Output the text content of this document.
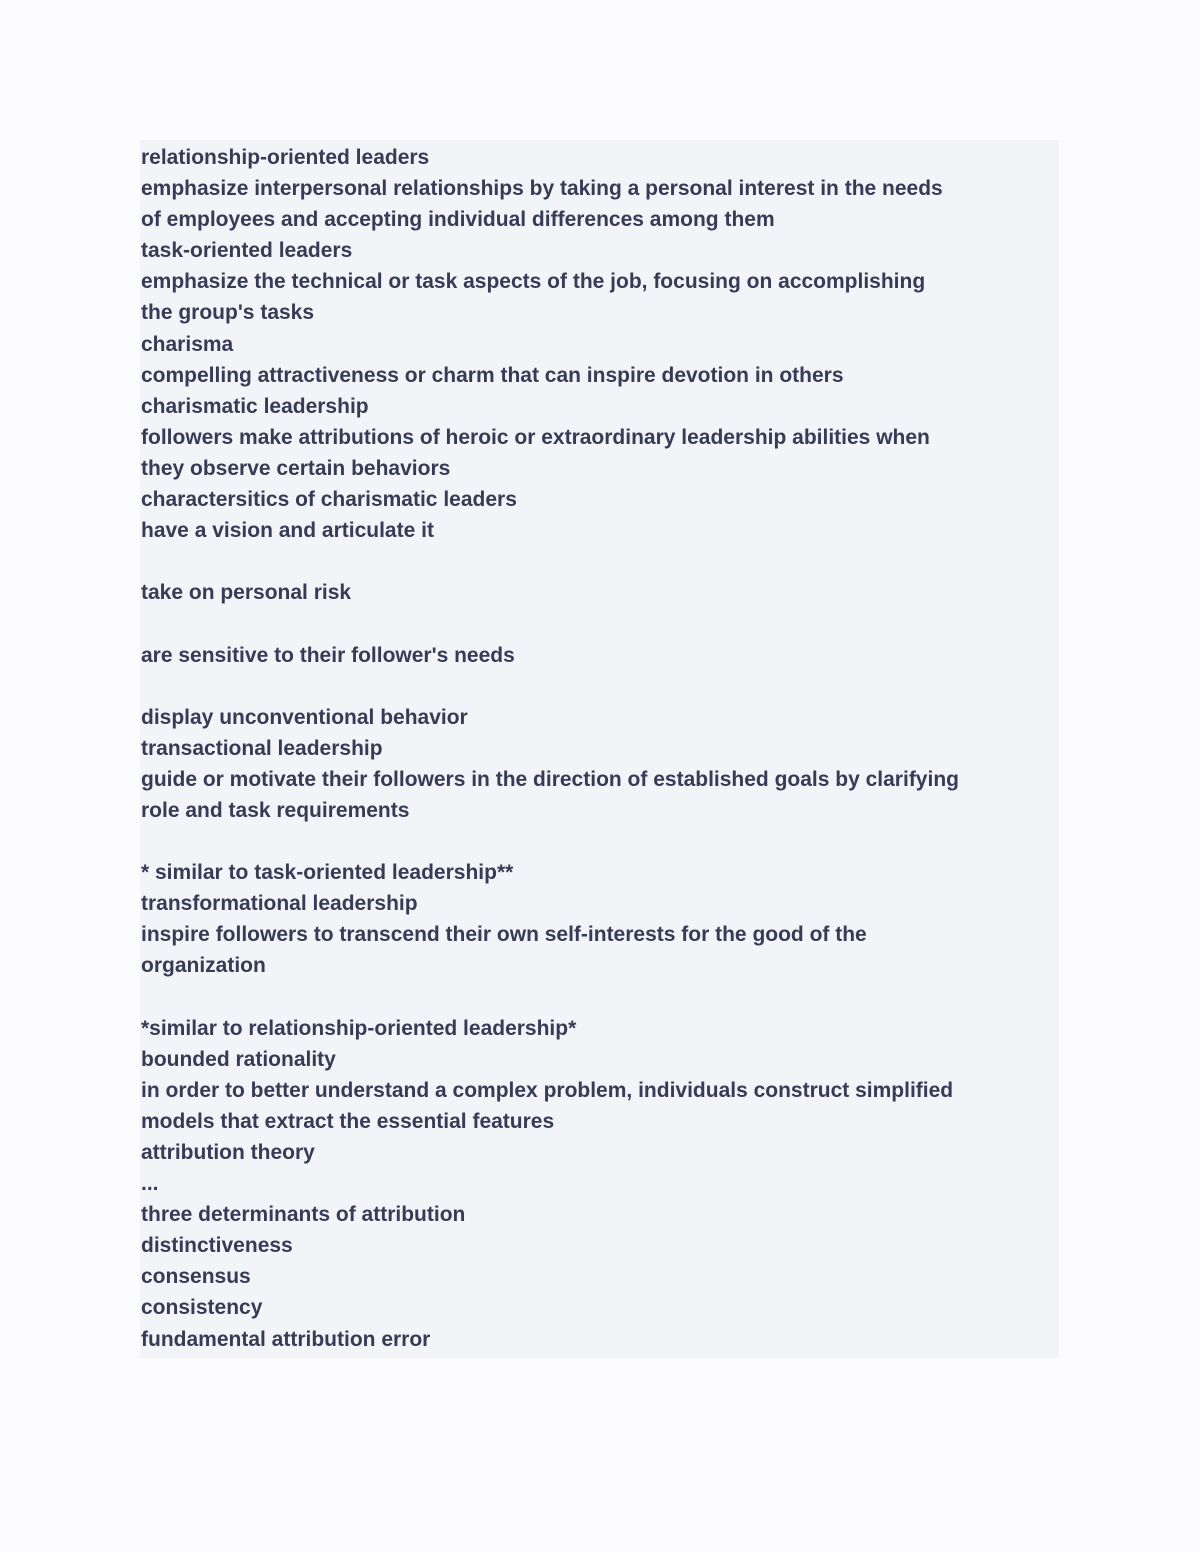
relationship-oriented leaders
emphasize interpersonal relationships by taking a personal interest in the needs
of employees and accepting individual differences among them
task-oriented leaders
emphasize the technical or task aspects of the job, focusing on accomplishing
the group's tasks
charisma
compelling attractiveness or charm that can inspire devotion in others
charismatic leadership
followers make attributions of heroic or extraordinary leadership abilities when
they observe certain behaviors
charactersitics of charismatic leaders
have a vision and articulate it
take on personal risk
are sensitive to their follower's needs
display unconventional behavior
transactional leadership
guide or motivate their followers in the direction of established goals by clarifying
role and task requirements
* similar to task-oriented leadership**
transformational leadership
inspire followers to transcend their own self-interests for the good of the
organization
*similar to relationship-oriented leadership*
bounded rationality
in order to better understand a complex problem, individuals construct simplified
models that extract the essential features
attribution theory
...
three determinants of attribution
distinctiveness
consensus
consistency
fundamental attribution error
